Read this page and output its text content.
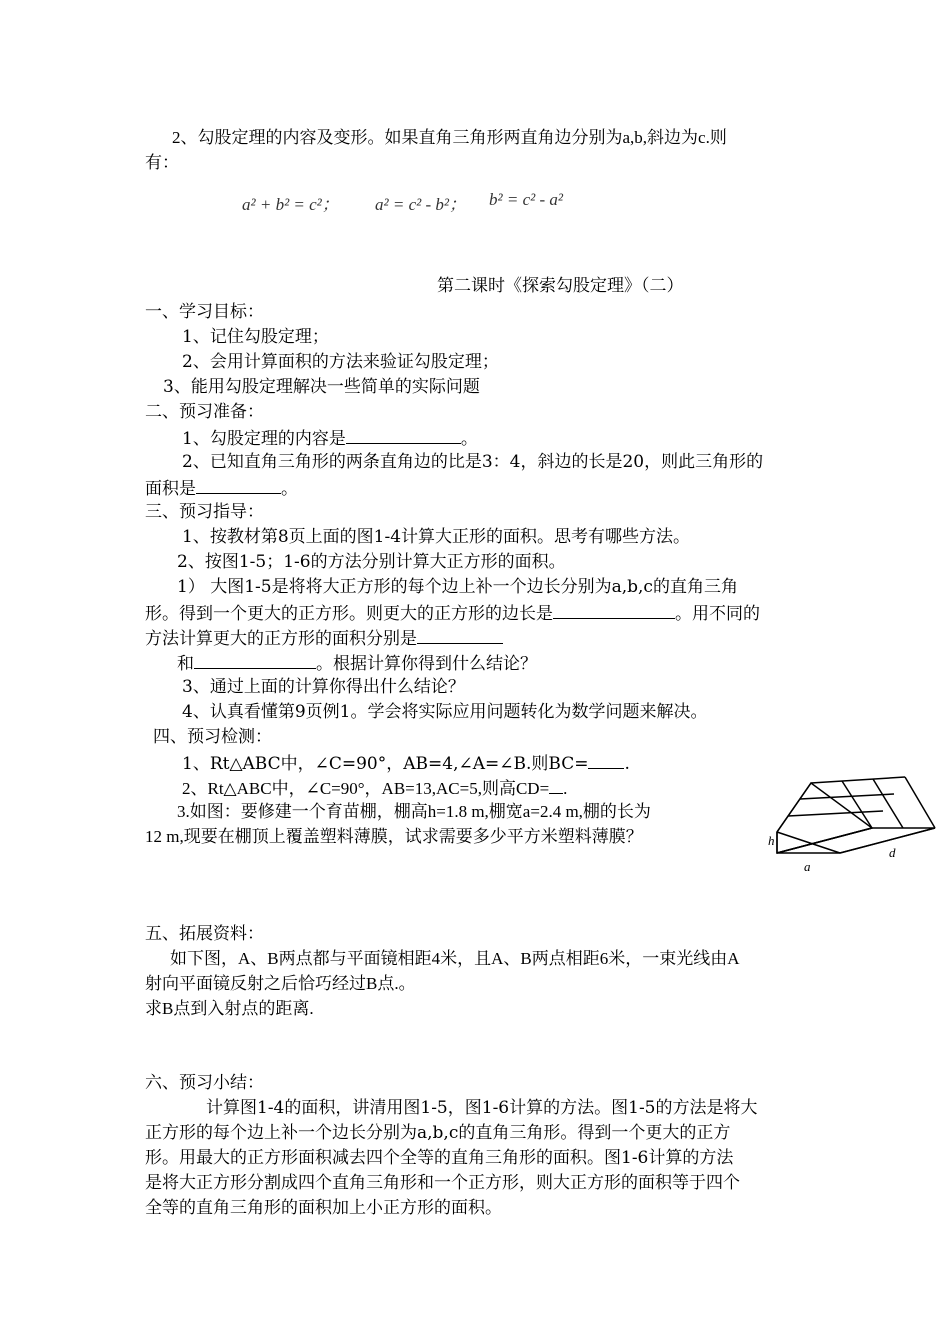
2、勾股定理的内容及变形。如果直角三角形两直角边分别为a,b,斜边为c.则
有：
a² + b² = c²； a² = c² - b²； b² = c² - a²
第二课时《探索勾股定理》（二）
一、学习目标：
1、记住勾股定理；
2、会用计算面积的方法来验证勾股定理；
3、能用勾股定理解决一些简单的实际问题
二、预习准备：
1、勾股定理的内容是	。
2、已知直角三角形的两条直角边的比是3：4，斜边的长是20，则此三角形的
面积是	。
三、预习指导：
1、按教材第8页上面的图1-4计算大正形的面积。思考有哪些方法。
2、按图1-5；1-6的方法分别计算大正方形的面积。
1） 大图1-5是将将大正方形的每个边上补一个边长分别为a,b,c的直角三角
形。得到一个更大的正方形。则更大的正方形的边长是	。用不同的
方法计算更大的正方形的面积分别是
和	。根据计算你得到什么结论？
3、通过上面的计算你得出什么结论？
4、认真看懂第9页例1。学会将实际应用问题转化为数学问题来解决。
四、预习检测：
1、Rt△ABC中，∠C=90°，AB=4,∠A=∠B.则BC= .
2、Rt△ABC中，∠C=90°，AB=13,AC=5,则高CD= .
3.如图：要修建一个育苗棚，棚高h=1.8 m,棚宽a=2.4 m,棚的长为
12 m,现要在棚顶上覆盖塑料薄膜，试求需要多少平方米塑料薄膜？	h
a
d
五、拓展资料：
如下图，A、B两点都与平面镜相距4米，且A、B两点相距6米，一束光线由A
射向平面镜反射之后恰巧经过B点.。
求B点到入射点的距离.
六、预习小结：
计算图1-4的面积，讲清用图1-5，图1-6计算的方法。图1-5的方法是将大
正方形的每个边上补一个边长分别为a,b,c的直角三角形。得到一个更大的正方
形。用最大的正方形面积减去四个全等的直角三角形的面积。图1-6计算的方法
是将大正方形分割成四个直角三角形和一个正方形，则大正方形的面积等于四个
全等的直角三角形的面积加上小正方形的面积。
